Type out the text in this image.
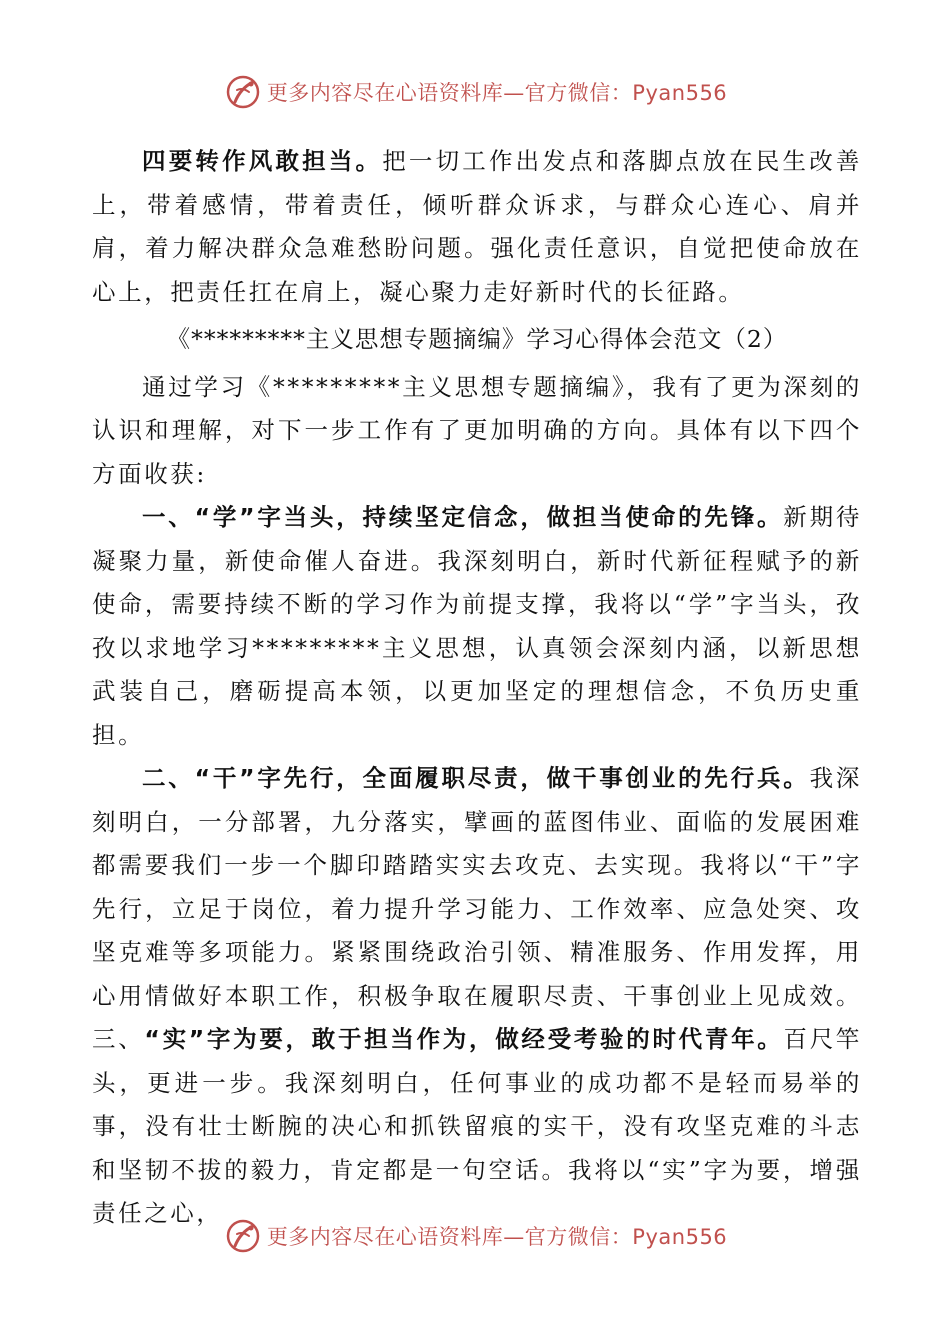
更多内容尽在心语资料库—官方微信：Pyan556

四要转作风敢担当。把一切工作出发点和落脚点放在民生改善上，带着感情，带着责任，倾听群众诉求，与群众心连心、肩并肩，着力解决群众急难愁盼问题。强化责任意识，自觉把使命放在心上，把责任扛在肩上，凝心聚力走好新时代的长征路。

《*********主义思想专题摘编》学习心得体会范文（2）

通过学习《*********主义思想专题摘编》，我有了更为深刻的认识和理解，对下一步工作有了更加明确的方向。具体有以下四个方面收获:

一、“学”字当头，持续坚定信念，做担当使命的先锋。新期待凝聚力量，新使命催人奋进。我深刻明白，新时代新征程赋予的新使命，需要持续不断的学习作为前提支撑，我将以“学”字当头，孜孜以求地学习*********主义思想，认真领会深刻内涵，以新思想武装自己，磨砺提高本领，以更加坚定的理想信念，不负历史重担。

二、“干”字先行，全面履职尽责，做干事创业的先行兵。我深刻明白，一分部署，九分落实，擘画的蓝图伟业、面临的发展困难都需要我们一步一个脚印踏踏实实去攻克、去实现。我将以“干”字先行，立足于岗位，着力提升学习能力、工作效率、应急处突、攻坚克难等多项能力。紧紧围绕政治引领、精准服务、作用发挥，用心用情做好本职工作，积极争取在履职尽责、干事创业上见成效。三、“实”字为要，敢于担当作为，做经受考验的时代青年。百尺竿头，更进一步。我深刻明白，任何事业的成功都不是轻而易举的事，没有壮士断腕的决心和抓铁留痕的实干，没有攻坚克难的斗志和坚韧不拔的毅力，肯定都是一句空话。我将以“实”字为要，增强责任之心，

更多内容尽在心语资料库—官方微信：Pyan556
